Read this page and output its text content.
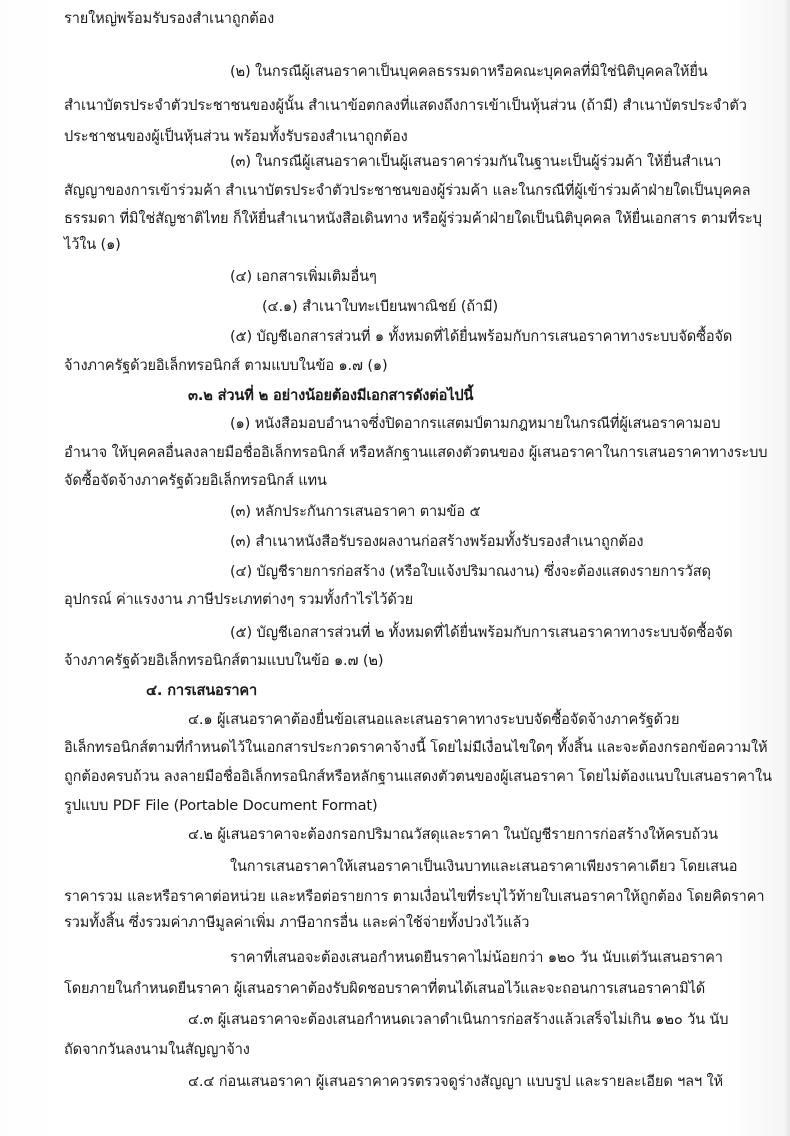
รายใหญ่พร้อมรับรองสำเนาถูกต้อง
(๒) ในกรณีผู้เสนอราคาเป็นบุคคลธรรมดาหรือคณะบุคคลที่มิใช่นิติบุคคลให้ยื่น
สำเนาบัตรประจำตัวประชาชนของผู้นั้น สำเนาข้อตกลงที่แสดงถึงการเข้าเป็นหุ้นส่วน (ถ้ามี) สำเนาบัตรประจำตัว
ประชาชนของผู้เป็นหุ้นส่วน พร้อมทั้งรับรองสำเนาถูกต้อง
(๓) ในกรณีผู้เสนอราคาเป็นผู้เสนอราคาร่วมกันในฐานะเป็นผู้ร่วมค้า ให้ยื่นสำเนา
สัญญาของการเข้าร่วมค้า สำเนาบัตรประจำตัวประชาชนของผู้ร่วมค้า และในกรณีที่ผู้เข้าร่วมค้าฝ่ายใดเป็นบุคคล
ธรรมดา ที่มิใช่สัญชาติไทย ก็ให้ยื่นสำเนาหนังสือเดินทาง หรือผู้ร่วมค้าฝ่ายใดเป็นนิติบุคคล ให้ยื่นเอกสาร ตามที่ระบุ
ไว้ใน (๑)
(๔) เอกสารเพิ่มเติมอื่นๆ
(๔.๑) สำเนาใบทะเบียนพาณิชย์ (ถ้ามี)
(๕) บัญชีเอกสารส่วนที่ ๑ ทั้งหมดที่ได้ยื่นพร้อมกับการเสนอราคาทางระบบจัดซื้อจัด
จ้างภาครัฐด้วยอิเล็กทรอนิกส์ ตามแบบในข้อ ๑.๗ (๑)
๓.๒ ส่วนที่ ๒ อย่างน้อยต้องมีเอกสารดังต่อไปนี้
(๑) หนังสือมอบอำนาจซึ่งปิดอากรแสตมป์ตามกฎหมายในกรณีที่ผู้เสนอราคามอบ
อำนาจ ให้บุคคลอื่นลงลายมือชื่ออิเล็กทรอนิกส์ หรือหลักฐานแสดงตัวตนของ ผู้เสนอราคาในการเสนอราคาทางระบบ
จัดซื้อจัดจ้างภาครัฐด้วยอิเล็กทรอนิกส์ แทน
(๓) หลักประกันการเสนอราคา ตามข้อ ๕
(๓) สำเนาหนังสือรับรองผลงานก่อสร้างพร้อมทั้งรับรองสำเนาถูกต้อง
(๔) บัญชีรายการก่อสร้าง (หรือใบแจ้งปริมาณงาน) ซึ่งจะต้องแสดงรายการวัสดุ
อุปกรณ์ ค่าแรงงาน ภาษีประเภทต่างๆ รวมทั้งกำไรไว้ด้วย
(๕) บัญชีเอกสารส่วนที่ ๒ ทั้งหมดที่ได้ยื่นพร้อมกับการเสนอราคาทางระบบจัดซื้อจัด
จ้างภาครัฐด้วยอิเล็กทรอนิกส์ตามแบบในข้อ ๑.๗ (๒)
๔. การเสนอราคา
๔.๑ ผู้เสนอราคาต้องยื่นข้อเสนอและเสนอราคาทางระบบจัดซื้อจัดจ้างภาครัฐด้วย
อิเล็กทรอนิกส์ตามที่กำหนดไว้ในเอกสารประกวดราคาจ้างนี้ โดยไม่มีเงื่อนไขใดๆ ทั้งสิ้น และจะต้องกรอกข้อความให้
ถูกต้องครบถ้วน ลงลายมือชื่ออิเล็กทรอนิกส์หรือหลักฐานแสดงตัวตนของผู้เสนอราคา โดยไม่ต้องแนบใบเสนอราคาใน
รูปแบบ PDF File (Portable Document Format)
๔.๒ ผู้เสนอราคาจะต้องกรอกปริมาณวัสดุและราคา ในบัญชีรายการก่อสร้างให้ครบถ้วน
ในการเสนอราคาให้เสนอราคาเป็นเงินบาทและเสนอราคาเพียงราคาเดียว โดยเสนอ
ราคารวม และหรือราคาต่อหน่วย และหรือต่อรายการ ตามเงื่อนไขที่ระบุไว้ท้ายใบเสนอราคาให้ถูกต้อง โดยคิดราคา
รวมทั้งสิ้น ซึ่งรวมค่าภาษีมูลค่าเพิ่ม ภาษีอากรอื่น และค่าใช้จ่ายทั้งปวงไว้แล้ว
ราคาที่เสนอจะต้องเสนอกำหนดยืนราคาไม่น้อยกว่า ๑๒๐ วัน นับแต่วันเสนอราคา
โดยภายในกำหนดยืนราคา ผู้เสนอราคาต้องรับผิดชอบราคาที่ตนได้เสนอไว้และจะถอนการเสนอราคามิได้
๔.๓ ผู้เสนอราคาจะต้องเสนอกำหนดเวลาดำเนินการก่อสร้างแล้วเสร็จไม่เกิน ๑๒๐ วัน นับ
ถัดจากวันลงนามในสัญญาจ้าง
๔.๔ ก่อนเสนอราคา ผู้เสนอราคาควรตรวจดูร่างสัญญา แบบรูป และรายละเอียด ฯลฯ ให้
